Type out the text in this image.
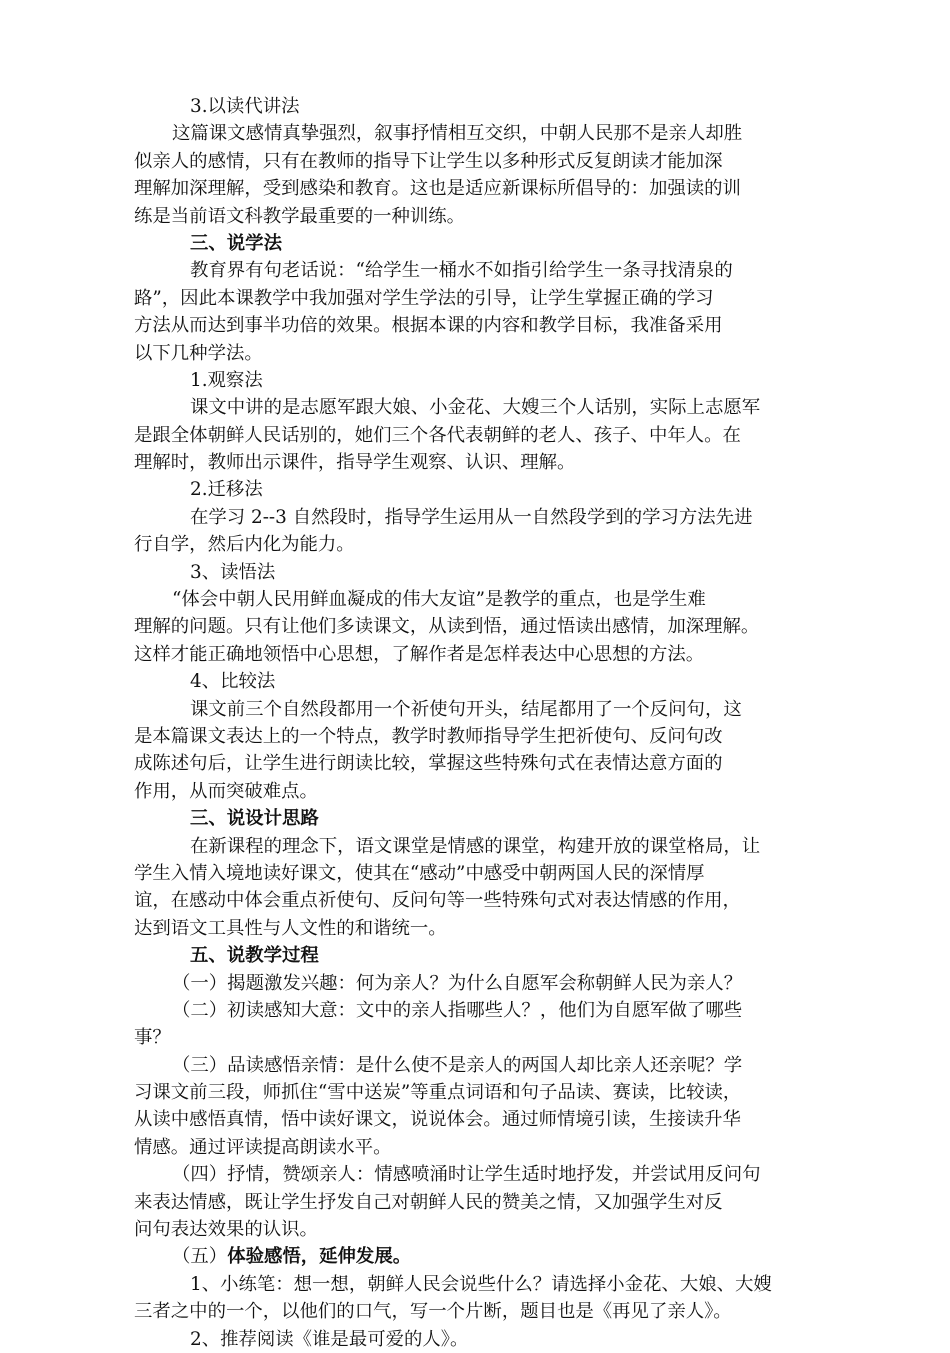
3.以读代讲法
这篇课文感情真挚强烈，叙事抒情相互交织，中朝人民那不是亲人却胜
似亲人的感情，只有在教师的指导下让学生以多种形式反复朗读才能加深
理解加深理解，受到感染和教育。这也是适应新课标所倡导的：加强读的训
练是当前语文科教学最重要的一种训练。
三、说学法
教育界有句老话说：“给学生一桶水不如指引给学生一条寻找清泉的
路”，因此本课教学中我加强对学生学法的引导，让学生掌握正确的学习
方法从而达到事半功倍的效果。根据本课的内容和教学目标，我准备采用
以下几种学法。
1.观察法
课文中讲的是志愿军跟大娘、小金花、大嫂三个人话别，实际上志愿军
是跟全体朝鲜人民话别的，她们三个各代表朝鲜的老人、孩子、中年人。在
理解时，教师出示课件，指导学生观察、认识、理解。
2.迁移法
在学习 2--3 自然段时，指导学生运用从一自然段学到的学习方法先进
行自学，然后内化为能力。
3、读悟法
“体会中朝人民用鲜血凝成的伟大友谊”是教学的重点，也是学生难
理解的问题。只有让他们多读课文，从读到悟，通过悟读出感情，加深理解。
这样才能正确地领悟中心思想，了解作者是怎样表达中心思想的方法。
4、比较法
课文前三个自然段都用一个祈使句开头，结尾都用了一个反问句，这
是本篇课文表达上的一个特点，教学时教师指导学生把祈使句、反问句改
成陈述句后，让学生进行朗读比较，掌握这些特殊句式在表情达意方面的
作用，从而突破难点。
三、说设计思路
在新课程的理念下，语文课堂是情感的课堂，构建开放的课堂格局，让
学生入情入境地读好课文，使其在“感动”中感受中朝两国人民的深情厚
谊，在感动中体会重点祈使句、反问句等一些特殊句式对表达情感的作用，
达到语文工具性与人文性的和谐统一。
五、说教学过程
（一）揭题激发兴趣：何为亲人？为什么自愿军会称朝鲜人民为亲人？
（二）初读感知大意：文中的亲人指哪些人？，他们为自愿军做了哪些
事？
（三）品读感悟亲情：是什么使不是亲人的两国人却比亲人还亲呢？学
习课文前三段，师抓住“雪中送炭”等重点词语和句子品读、赛读，比较读，
从读中感悟真情，悟中读好课文，说说体会。通过师情境引读，生接读升华
情感。通过评读提高朗读水平。
（四）抒情，赞颂亲人：情感喷涌时让学生适时地抒发，并尝试用反问句
来表达情感，既让学生抒发自己对朝鲜人民的赞美之情，又加强学生对反
问句表达效果的认识。
（五）体验感悟，延伸发展。
1、小练笔：想一想，朝鲜人民会说些什么？请选择小金花、大娘、大嫂
三者之中的一个，以他们的口气，写一个片断，题目也是《再见了亲人》。
2、推荐阅读《谁是最可爱的人》。
